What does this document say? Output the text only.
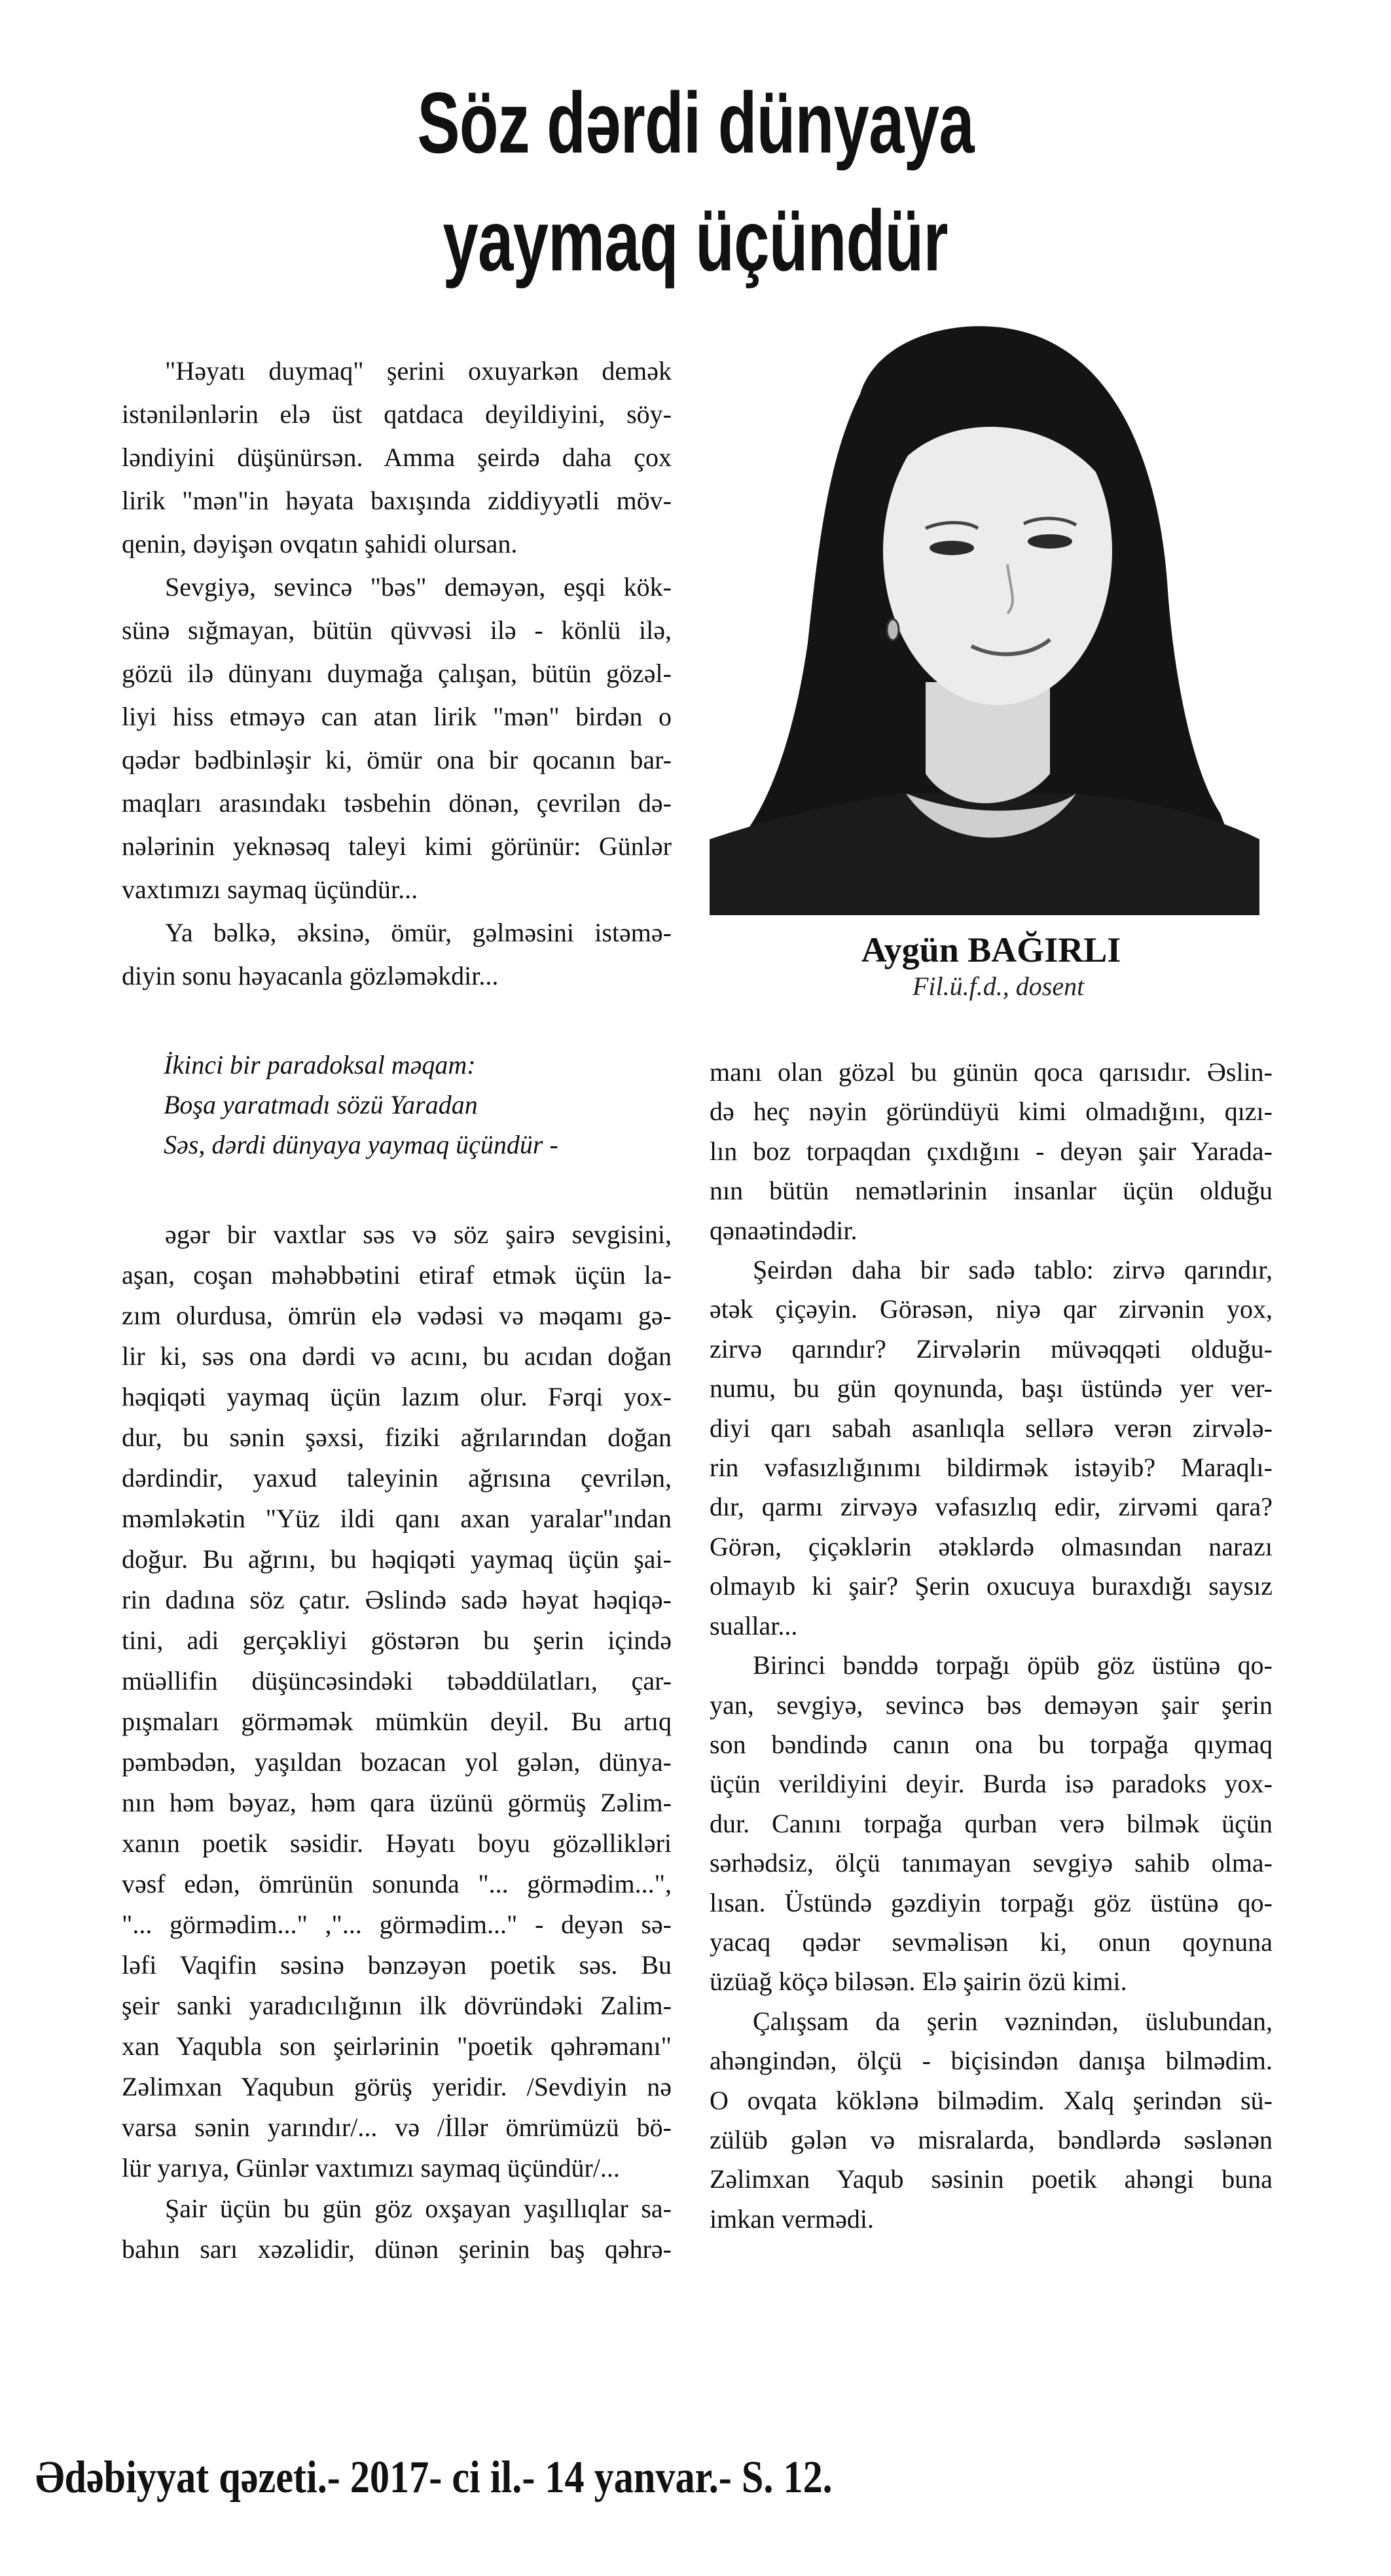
Söz dərdi dünyaya
yaymaq üçündür
"Həyatı duymaq" şerini oxuyarkən demək
istənilənlərin elə üst qatdaca deyildiyini, söy-
ləndiyini düşünürsən. Amma şeirdə daha çox
lirik "mən"in həyata baxışında ziddiyyətli möv-
qenin, dəyişən ovqatın şahidi olursan.
Sevgiyə, sevincə "bəs" deməyən, eşqi kök-
sünə sığmayan, bütün qüvvəsi ilə - könlü ilə,
gözü ilə dünyanı duymağa çalışan, bütün gözəl-
liyi hiss etməyə can atan lirik "mən" birdən o
qədər bədbinləşir ki, ömür ona bir qocanın bar-
maqları arasındakı təsbehin dönən, çevrilən də-
nələrinin yeknəsəq taleyi kimi görünür: Günlər
vaxtımızı saymaq üçündür...
Ya bəlkə, əksinə, ömür, gəlməsini istəmə-
diyin sonu həyacanla gözləməkdir...
İkinci bir paradoksal məqam:
Boşa yaratmadı sözü Yaradan
Səs, dərdi dünyaya yaymaq üçündür -
əgər bir vaxtlar səs və söz şairə sevgisini,
aşan, coşan məhəbbətini etiraf etmək üçün la-
zım olurdusa, ömrün elə vədəsi və məqamı gə-
lir ki, səs ona dərdi və acını, bu acıdan doğan
həqiqəti yaymaq üçün lazım olur. Fərqi yox-
dur, bu sənin şəxsi, fiziki ağrılarından doğan
dərdindir, yaxud taleyinin ağrısına çevrilən,
məmləkətin "Yüz ildi qanı axan yaralar"ından
doğur. Bu ağrını, bu həqiqəti yaymaq üçün şai-
rin dadına söz çatır. Əslində sadə həyat həqiqə-
tini, adi gerçəkliyi göstərən bu şerin içində
müəllifin düşüncəsindəki təbəddülatları, çar-
pışmaları görməmək mümkün deyil. Bu artıq
pəmbədən, yaşıldan bozacan yol gələn, dünya-
nın həm bəyaz, həm qara üzünü görmüş Zəlim-
xanın poetik səsidir. Həyatı boyu gözəllikləri
vəsf edən, ömrünün sonunda "... görmədim...",
"... görmədim..." ,"... görmədim..." - deyən sə-
ləfi Vaqifin səsinə bənzəyən poetik səs. Bu
şeir sanki yaradıcılığının ilk dövründəki Zalim-
xan Yaqubla son şeirlərinin "poetik qəhrəmanı"
Zəlimxan Yaqubun görüş yeridir. /Sevdiyin nə
varsa sənin yarındır/... və /İllər ömrümüzü bö-
lür yarıya, Günlər vaxtımızı saymaq üçündür/...
Şair üçün bu gün göz oxşayan yaşıllıqlar sa-
bahın sarı xəzəlidir, dünən şerinin baş qəhrə-
Aygün BAĞIRLI
Fil.ü.f.d., dosent
manı olan gözəl bu günün qoca qarısıdır. Əslin-
də heç nəyin göründüyü kimi olmadığını, qızı-
lın boz torpaqdan çıxdığını - deyən şair Yarada-
nın bütün nemətlərinin insanlar üçün olduğu
qənaətindədir.
Şeirdən daha bir sadə tablo: zirvə qarındır,
ətək çiçəyin. Görəsən, niyə qar zirvənin yox,
zirvə qarındır? Zirvələrin müvəqqəti olduğu-
numu, bu gün qoynunda, başı üstündə yer ver-
diyi qarı sabah asanlıqla sellərə verən zirvələ-
rin vəfasızlığınımı bildirmək istəyib? Maraqlı-
dır, qarmı zirvəyə vəfasızlıq edir, zirvəmi qara?
Görən, çiçəklərin ətəklərdə olmasından narazı
olmayıb ki şair? Şerin oxucuya buraxdığı saysız
suallar...
Birinci bənddə torpağı öpüb göz üstünə qo-
yan, sevgiyə, sevincə bəs deməyən şair şerin
son bəndində canın ona bu torpağa qıymaq
üçün verildiyini deyir. Burda isə paradoks yox-
dur. Canını torpağa qurban verə bilmək üçün
sərhədsiz, ölçü tanımayan sevgiyə sahib olma-
lısan. Üstündə gəzdiyin torpağı göz üstünə qo-
yacaq qədər sevməlisən ki, onun qoynuna
üzüağ köçə biləsən. Elə şairin özü kimi.
Çalışsam da şerin vəznindən, üslubundan,
ahəngindən, ölçü - biçisindən danışa bilmədim.
O ovqata köklənə bilmədim. Xalq şerindən sü-
zülüb gələn və misralarda, bəndlərdə səslənən
Zəlimxan Yaqub səsinin poetik ahəngi buna
imkan vermədi.
Ədəbiyyat qəzeti.- 2017- ci il.- 14 yanvar.- S. 12.
